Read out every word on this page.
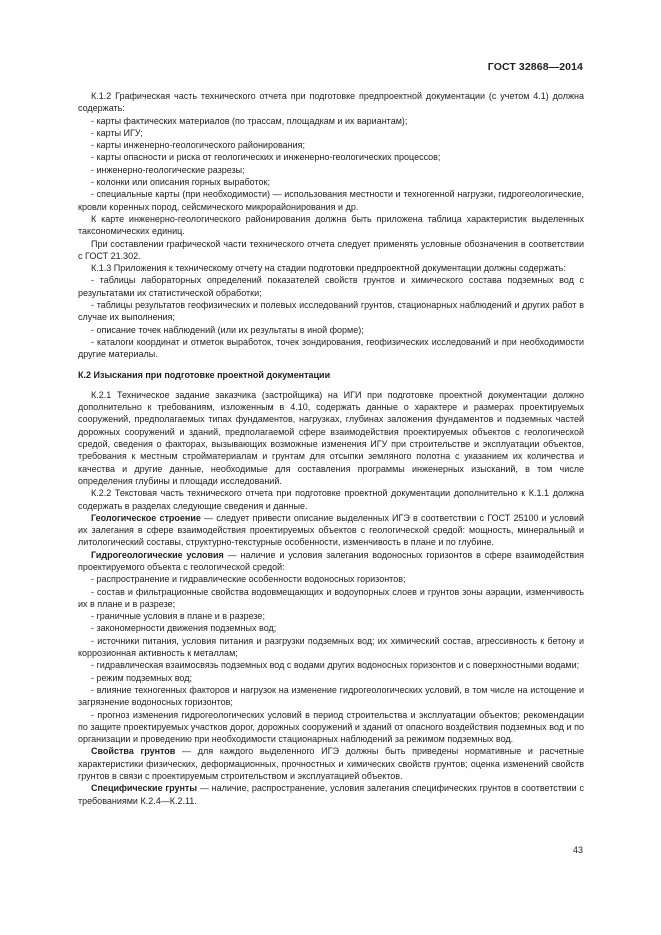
ГОСТ 32868—2014

К.1.2 Графическая часть технического отчета при подготовке предпроектной документации (с учетом 4.1) должна содержать:

- карты фактических материалов (по трассам, площадкам и их вариантам);

- карты ИГУ;

- карты инженерно-геологического районирования;

- карты опасности и риска от геологических и инженерно-геологических процессов;

- инженерно-геологические разрезы;

- колонки или описания горных выработок;

- специальные карты (при необходимости) — использования местности и техногенной нагрузки, гидрогеологические, кровли коренных пород, сейсмического микрорайонирования и др.

К карте инженерно-геологического районирования должна быть приложена таблица характеристик выделенных таксономических единиц.

При составлении графической части технического отчета следует применять условные обозначения в соответствии с ГОСТ 21.302.

К.1.3 Приложения к техническому отчету на стадии подготовки предпроектной документации должны содержать:

- таблицы лабораторных определений показателей свойств грунтов и химического состава подземных вод с результатами их статистической обработки;

- таблицы результатов геофизических и полевых исследований грунтов, стационарных наблюдений и других работ в случае их выполнения;

- описание точек наблюдений (или их результаты в иной форме);

- каталоги координат и отметок выработок, точек зондирования, геофизических исследований и при необходимости другие материалы.

К.2 Изыскания при подготовке проектной документации

К.2.1 Техническое задание заказчика (застройщика) на ИГИ при подготовке проектной документации должно дополнительно к требованиям, изложенным в 4.10, содержать данные о характере и размерах проектируемых сооружений, предполагаемых типах фундаментов, нагрузках, глубинах заложения фундаментов и подземных частей дорожных сооружений и зданий, предполагаемой сфере взаимодействия проектируемых объектов с геологической средой, сведения о факторах, вызывающих возможные изменения ИГУ при строительстве и эксплуатации объектов, требования к местным стройматериалам и грунтам для отсыпки земляного полотна с указанием их количества и качества и другие данные, необходимые для составления программы инженерных изысканий, в том числе определения глубины и площади исследований.

К.2.2 Текстовая часть технического отчета при подготовке проектной документации дополнительно к К.1.1 должна содержать в разделах следующие сведения и данные.

Геологическое строение — следует привести описание выделенных ИГЭ в соответствии с ГОСТ 25100 и условий их залегания в сфере взаимодействия проектируемых объектов с геологической средой: мощность, минеральный и литологический составы, структурно-текстурные особенности, изменчивость в плане и по глубине.

Гидрогеологические условия — наличие и условия залегания водоносных горизонтов в сфере взаимодействия проектируемого объекта с геологической средой:

- распространение и гидравлические особенности водоносных горизонтов;

- состав и фильтрационные свойства водовмещающих и водоупорных слоев и грунтов зоны аэрации, изменчивость их в плане и в разрезе;

- граничные условия в плане и в разрезе;

- закономерности движения подземных вод;

- источники питания, условия питания и разгрузки подземных вод; их химический состав, агрессивность к бетону и коррозионная активность к металлам;

- гидравлическая взаимосвязь подземных вод с водами других водоносных горизонтов и с поверхностными водами;

- режим подземных вод;

- влияние техногенных факторов и нагрузок на изменение гидрогеологических условий, в том числе на истощение и загрязнение водоносных горизонтов;

- прогноз изменения гидрогеологических условий в период строительства и эксплуатации объектов; рекомендации по защите проектируемых участков дорог, дорожных сооружений и зданий от опасного воздействия подземных вод и по организации и проведению при необходимости стационарных наблюдений за режимом подземных вод.

Свойства грунтов — для каждого выделенного ИГЭ должны быть приведены нормативные и расчетные характеристики физических, деформационных, прочностных и химических свойств грунтов; оценка изменений свойств грунтов в связи с проектируемым строительством и эксплуатацией объектов.

Специфические грунты — наличие, распространение, условия залегания специфических грунтов в соответствии с требованиями К.2.4—К.2.11.

43
